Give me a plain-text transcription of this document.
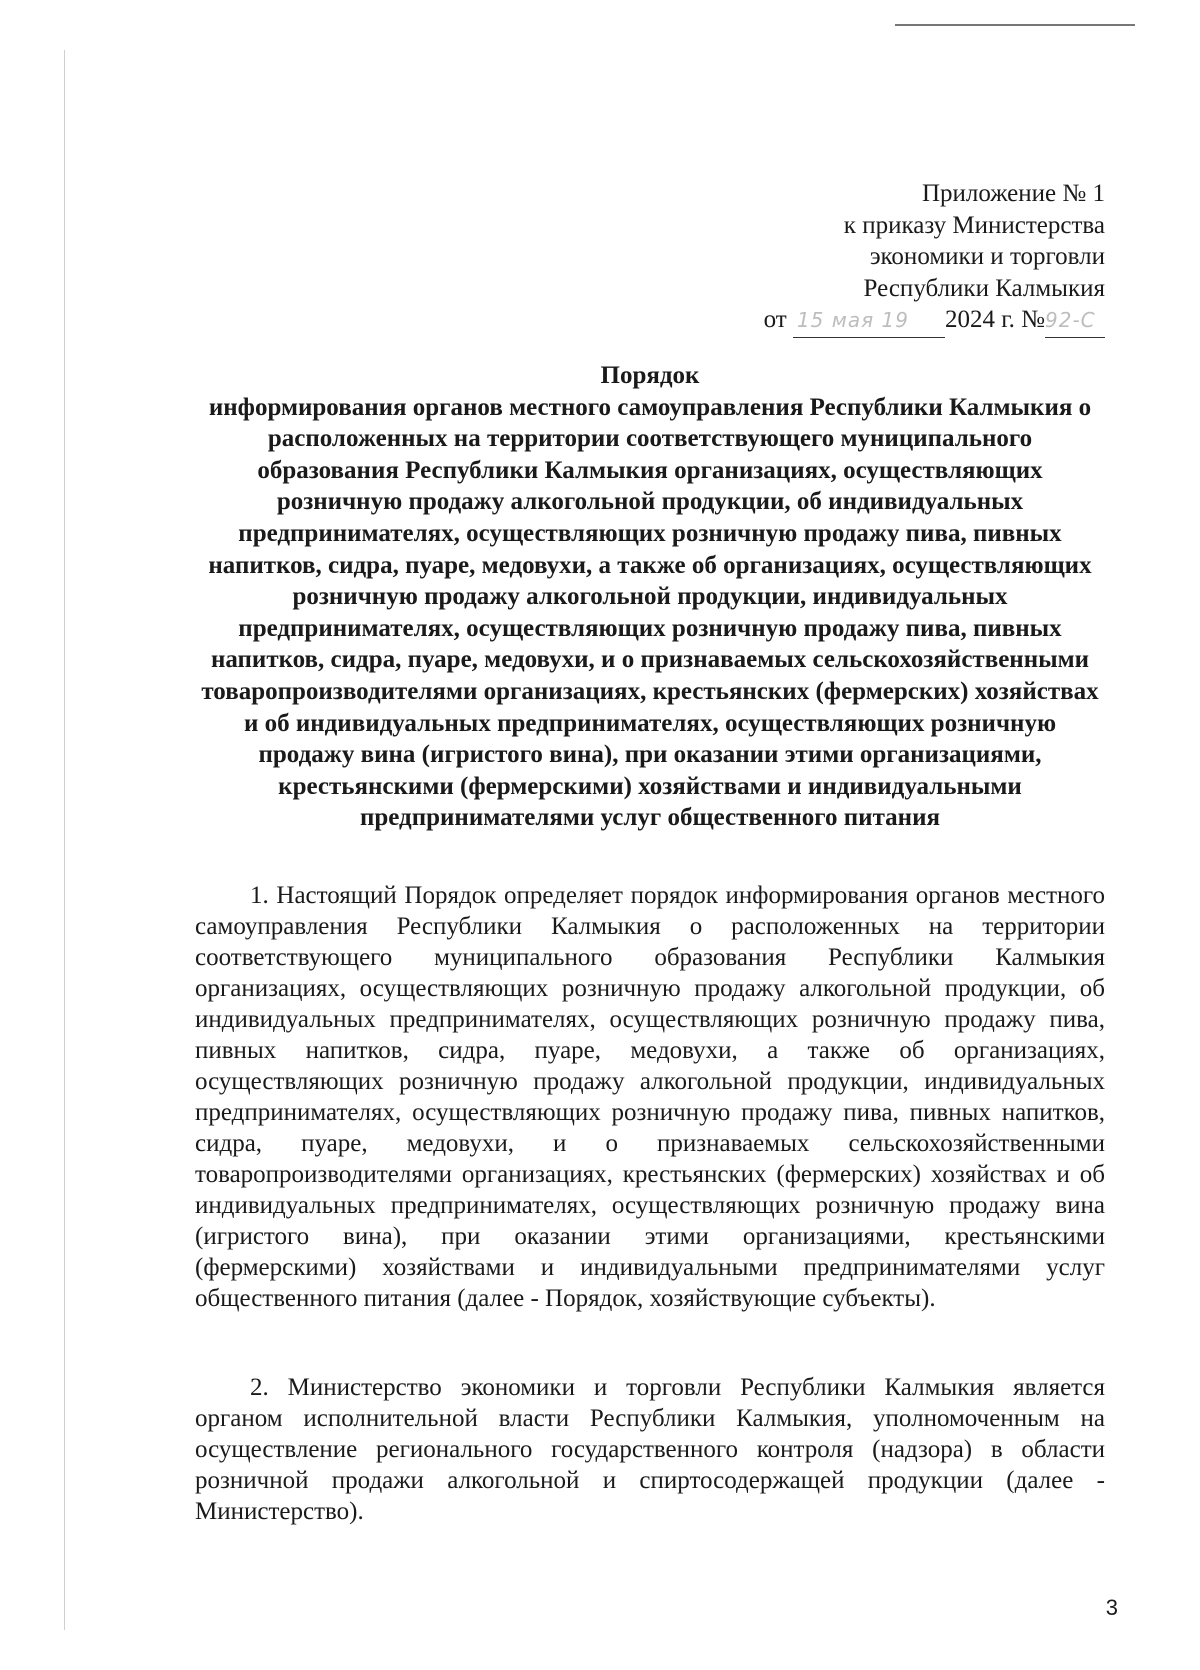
Приложение № 1
к приказу Министерства
экономики и торговли
Республики Калмыкия
от 15 мая 19 2024 г. №92-С
Порядок
информирования органов местного самоуправления Республики Калмыкия о расположенных на территории соответствующего муниципального образования Республики Калмыкия организациях, осуществляющих розничную продажу алкогольной продукции, об индивидуальных предпринимателях, осуществляющих розничную продажу пива, пивных напитков, сидра, пуаре, медовухи, а также об организациях, осуществляющих розничную продажу алкогольной продукции, индивидуальных предпринимателях, осуществляющих розничную продажу пива, пивных напитков, сидра, пуаре, медовухи, и о признаваемых сельскохозяйственными товаропроизводителями организациях, крестьянских (фермерских) хозяйствах и об индивидуальных предпринимателях, осуществляющих розничную продажу вина (игристого вина), при оказании этими организациями, крестьянскими (фермерскими) хозяйствами и индивидуальными предпринимателями услуг общественного питания

1. Настоящий Порядок определяет порядок информирования органов местного самоуправления Республики Калмыкия о расположенных на территории соответствующего муниципального образования Республики Калмыкия организациях, осуществляющих розничную продажу алкогольной продукции, об индивидуальных предпринимателях, осуществляющих розничную продажу пива, пивных напитков, сидра, пуаре, медовухи, а также об организациях, осуществляющих розничную продажу алкогольной продукции, индивидуальных предпринимателях, осуществляющих розничную продажу пива, пивных напитков, сидра, пуаре, медовухи, и о признаваемых сельскохозяйственными товаропроизводителями организациях, крестьянских (фермерских) хозяйствах и об индивидуальных предпринимателях, осуществляющих розничную продажу вина (игристого вина), при оказании этими организациями, крестьянскими (фермерскими) хозяйствами и индивидуальными предпринимателями услуг общественного питания (далее - Порядок, хозяйствующие субъекты).

2. Министерство экономики и торговли Республики Калмыкия является органом исполнительной власти Республики Калмыкия, уполномоченным на осуществление регионального государственного контроля (надзора) в области розничной продажи алкогольной и спиртосодержащей продукции (далее - Министерство).

3
